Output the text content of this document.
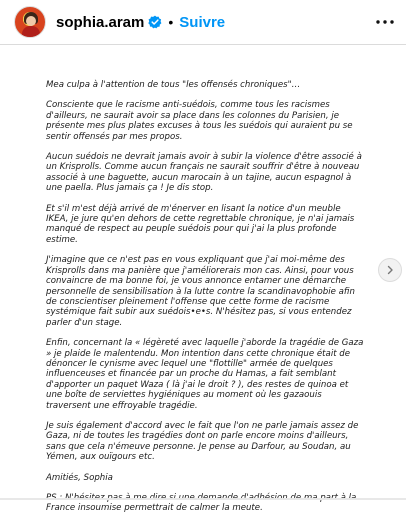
sophia.aram • Suivre

Mea culpa à l'attention de tous "les offensés chroniques"…

Consciente que le racisme anti-suédois, comme tous les racismes d'ailleurs, ne saurait avoir sa place dans les colonnes du Parisien, je présente mes plus plates excuses à tous les suédois qui auraient pu se sentir offensés par mes propos.

Aucun suédois ne devrait jamais avoir à subir la violence d'être associé à un Krisprolls. Comme aucun français ne saurait souffrir d'être à nouveau associé à une baguette, aucun marocain à un tajine, aucun espagnol à une paella. Plus jamais ça ! Je dis stop.

Et s'il m'est déjà arrivé de m'énerver en lisant la notice d'un meuble IKEA, je jure qu'en dehors de cette regrettable chronique, je n'ai jamais manqué de respect au peuple suédois pour qui j'ai la plus profonde estime.

J'imagine que ce n'est pas en vous expliquant que j'ai moi-même des Krisprolls dans ma panière que j'améliorerais mon cas. Ainsi, pour vous convaincre de ma bonne foi, je vous annonce entamer une démarche personnelle de sensibilisation à la lutte contre la scandinavophobie afin de conscientiser pleinement l'offense que cette forme de racisme systémique fait subir aux suédois•e•s. N'hésitez pas, si vous entendez parler d'un stage.

Enfin, concernant la « légèreté avec laquelle j'aborde la tragédie de Gaza » je plaide le malentendu. Mon intention dans cette chronique était de dénoncer le cynisme avec lequel une "flottille" armée de quelques influenceuses et financée par un proche du Hamas, a fait semblant d'apporter un paquet Waza ( là j'ai le droit ? ), des restes de quinoa et une boîte de serviettes hygiéniques au moment où les gazaouis traversent une effroyable tragédie.

Je suis également d'accord avec le fait que l'on ne parle jamais assez de Gaza, ni de toutes les tragédies dont on parle encore moins d'ailleurs, sans que cela n'émeuve personne. Je pense au Darfour, au Soudan, au Yémen, aux ouïgours etc.

Amitiés, Sophia

France insoumise permettrait de calmer la meute.
